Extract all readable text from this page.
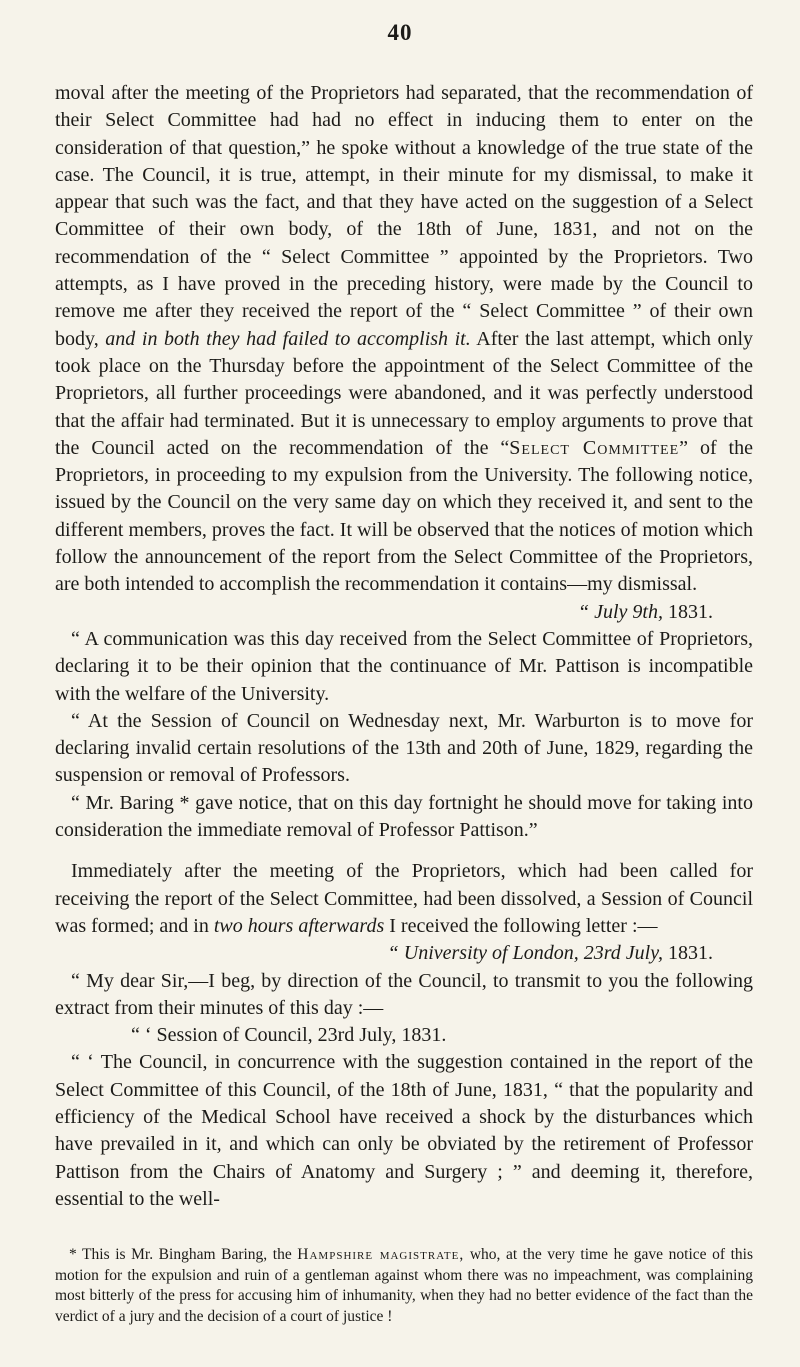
40

moval after the meeting of the Proprietors had separated, that the recommendation of their Select Committee had had no effect in inducing them to enter on the consideration of that question,” he spoke without a knowledge of the true state of the case. The Council, it is true, attempt, in their minute for my dismissal, to make it appear that such was the fact, and that they have acted on the suggestion of a Select Committee of their own body, of the 18th of June, 1831, and not on the recommendation of the “ Select Committee ” appointed by the Proprietors. Two attempts, as I have proved in the preceding history, were made by the Council to remove me after they received the report of the “ Select Committee ” of their own body, and in both they had failed to accomplish it. After the last attempt, which only took place on the Thursday before the appointment of the Select Committee of the Proprietors, all further proceedings were abandoned, and it was perfectly understood that the affair had terminated. But it is unnecessary to employ arguments to prove that the Council acted on the recommendation of the “Select Committee” of the Proprietors, in proceeding to my expulsion from the University. The following notice, issued by the Council on the very same day on which they received it, and sent to the different members, proves the fact. It will be observed that the notices of motion which follow the announcement of the report from the Select Committee of the Proprietors, are both intended to accomplish the recommendation it contains—my dismissal.

“ July 9th, 1831.

“ A communication was this day received from the Select Committee of Proprietors, declaring it to be their opinion that the continuance of Mr. Pattison is incompatible with the welfare of the University.

“ At the Session of Council on Wednesday next, Mr. Warburton is to move for declaring invalid certain resolutions of the 13th and 20th of June, 1829, regarding the suspension or removal of Professors.

“ Mr. Baring * gave notice, that on this day fortnight he should move for taking into consideration the immediate removal of Professor Pattison.”

Immediately after the meeting of the Proprietors, which had been called for receiving the report of the Select Committee, had been dissolved, a Session of Council was formed; and in two hours afterwards I received the following letter :—

“ University of London, 23rd July, 1831.

“ My dear Sir,—I beg, by direction of the Council, to transmit to you the following extract from their minutes of this day :—

“ ‘ Session of Council, 23rd July, 1831.

“ ‘ The Council, in concurrence with the suggestion contained in the report of the Select Committee of this Council, of the 18th of June, 1831, “ that the popularity and efficiency of the Medical School have received a shock by the disturbances which have prevailed in it, and which can only be obviated by the retirement of Professor Pattison from the Chairs of Anatomy and Surgery ; ” and deeming it, therefore, essential to the well-

* This is Mr. Bingham Baring, the Hampshire magistrate, who, at the very time he gave notice of this motion for the expulsion and ruin of a gentleman against whom there was no impeachment, was complaining most bitterly of the press for accusing him of inhumanity, when they had no better evidence of the fact than the verdict of a jury and the decision of a court of justice !
